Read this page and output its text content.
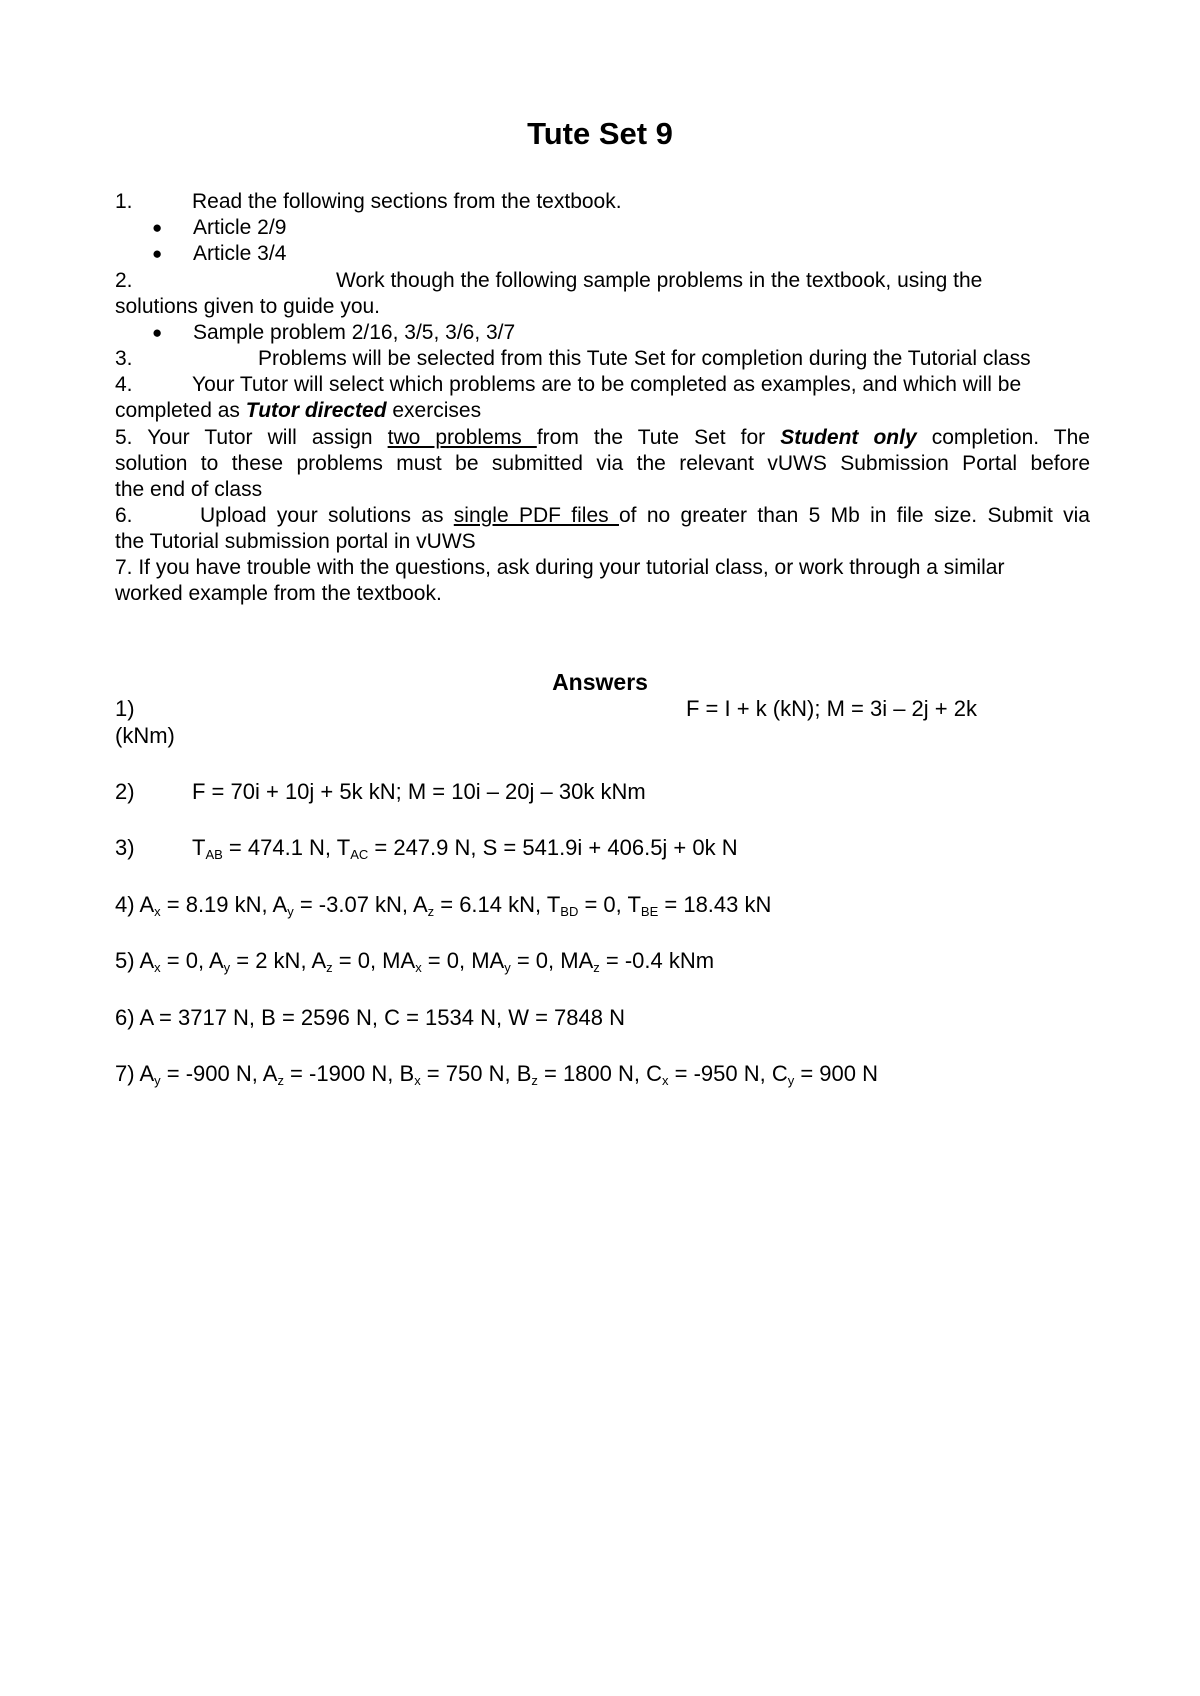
Tute Set 9
1.	Read the following sections from the textbook.
● Article 2/9
● Article 3/4
2.	Work though the following sample problems in the textbook, using the
solutions given to guide you.
● Sample problem 2/16, 3/5, 3/6, 3/7
3.	Problems will be selected from this Tute Set for completion during the Tutorial class
4.	Your Tutor will select which problems are to be completed as examples, and which will be
completed as Tutor directed exercises
5. Your Tutor will assign two problems from the Tute Set for Student only completion. The
solution to these problems must be submitted via the relevant vUWS Submission Portal before
the end of class
6.	Upload your solutions as single PDF files of no greater than 5 Mb in file size. Submit via
the Tutorial submission portal in vUWS
7. If you have trouble with the questions, ask during your tutorial class, or work through a similar
worked example from the textbook.
Answers
1)	F = I + k (kN); M = 3i – 2j + 2k
(kNm)
2)	F = 70i + 10j + 5k kN; M = 10i – 20j – 30k kNm
3)	$T_{AB} = 474.1$ N, $T_{AC} = 247.9$ N, S = 541.9i + 406.5j + 0k N
4) $A_x = 8.19$ kN, $A_y = -3.07$ kN, $A_z = 6.14$ kN, $T_{BD} = 0$, $T_{BE} = 18.43$ kN
5) $A_x = 0$, $A_y = 2$ kN, $A_z = 0$, $MA_x = 0$, $MA_y = 0$, $MA_z = -0.4$ kNm
6) A = 3717 N, B = 2596 N, C = 1534 N, W = 7848 N
7) $A_y = -900$ N, $A_z = -1900$ N, $B_x = 750$ N, $B_z = 1800$ N, $C_x = -950$ N, $C_y = 900$ N
